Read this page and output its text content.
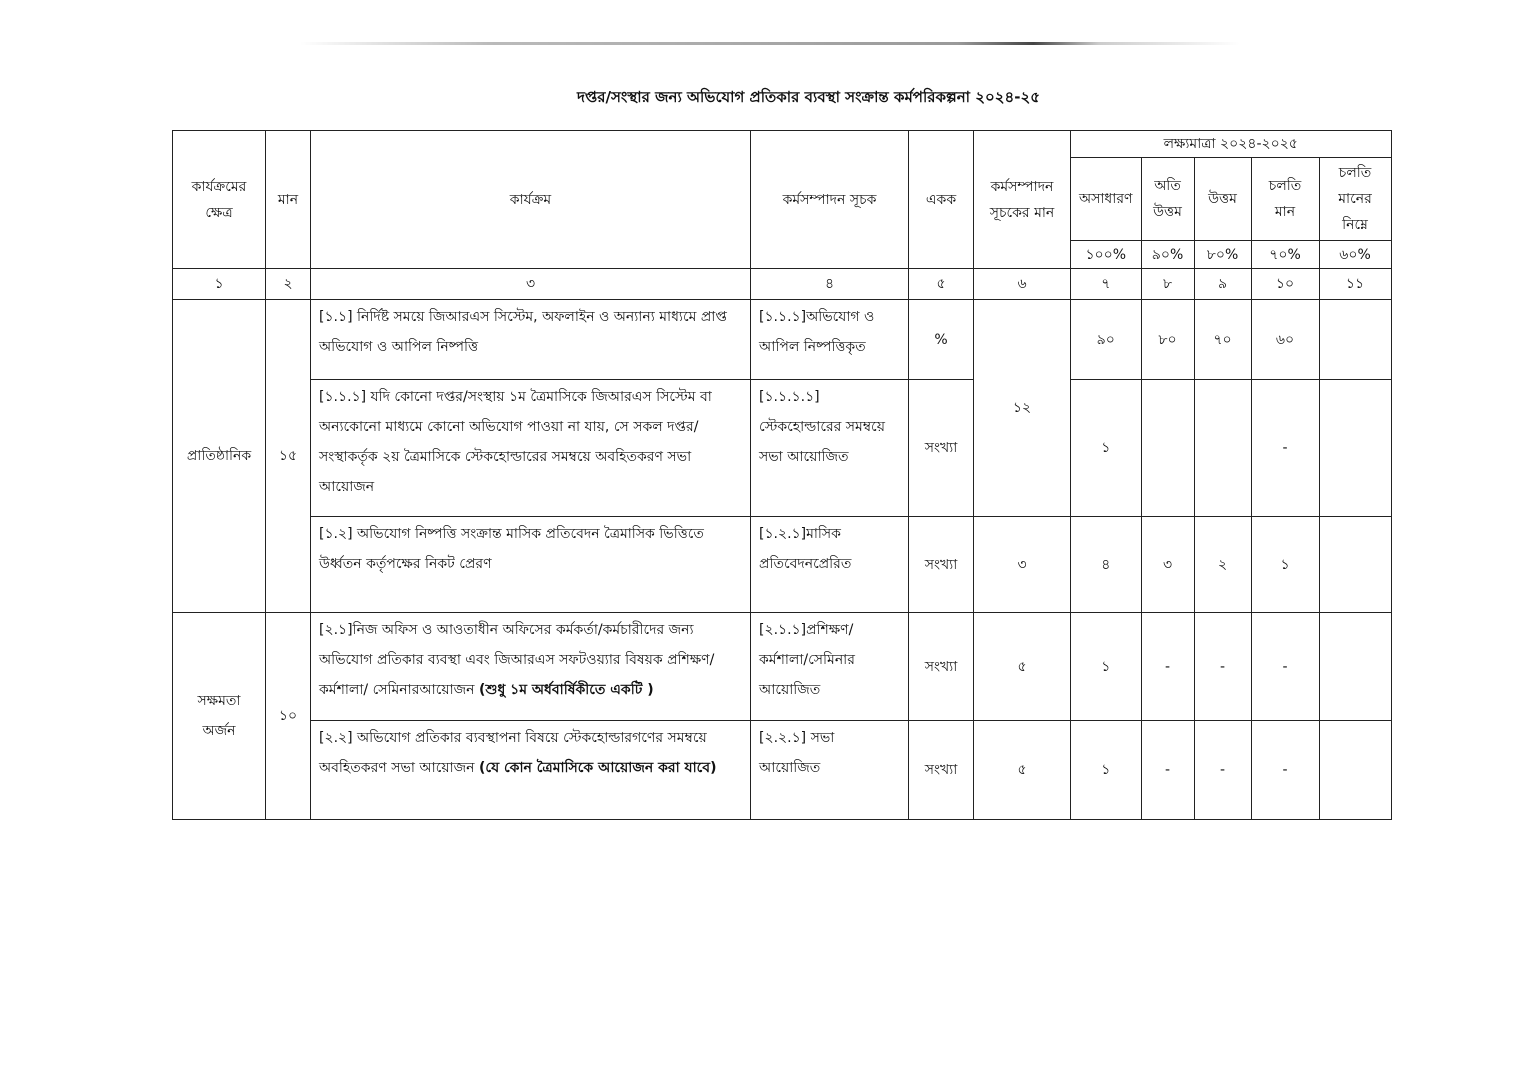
দপ্তর/সংস্থার জন্য অভিযোগ প্রতিকার ব্যবস্থা সংক্রান্ত কর্মপরিকল্পনা ২০২৪-২৫
কার্যক্রমের ক্ষেত্র	মান	কার্যক্রম	কর্মসম্পাদন সূচক	একক	কর্মসম্পাদন সূচকের মান	লক্ষ্যমাত্রা ২০২৪-২০২৫				
						অসাধারণ	অতি উত্তম	উত্তম	চলতি মান	চলতি মানের নিম্নে
						১০০%	৯০%	৮০%	৭০%	৬০%
১	২	৩	৪	৫	৬	৭	৮	৯	১০	১১
প্রাতিষ্ঠানিক	১৫	[১.১] নির্দিষ্ট সময়ে জিআরএস সিস্টেম, অফলাইন ও অন্যান্য মাধ্যমে প্রাপ্ত অভিযোগ ও আপিল নিষ্পত্তি	[১.১.১]অভিযোগ ও আপিল নিষ্পত্তিকৃত	%	১২	৯০	৮০	৭০	৬০	
		[১.১.১] যদি কোনো দপ্তর/সংস্থায় ১ম ত্রৈমাসিকে জিআরএস সিস্টেম বা অন্যকোনো মাধ্যমে কোনো অভিযোগ পাওয়া না যায়, সে সকল দপ্তর/সংস্থাকর্তৃক ২য় ত্রৈমাসিকে স্টেকহোল্ডারের সমম্বয়ে অবহিতকরণ সভা আয়োজন	[১.১.১.১] স্টেকহোল্ডারের সমম্বয়ে সভা আয়োজিত	সংখ্যা		১			-	
		[১.২] অভিযোগ নিষ্পত্তি সংক্রান্ত মাসিক প্রতিবেদন ত্রৈমাসিক ভিত্তিতে উর্ধ্বতন কর্তৃপক্ষের নিকট প্রেরণ	[১.২.১]মাসিক প্রতিবেদনপ্রেরিত	সংখ্যা	৩	৪	৩	২	১	
সক্ষমতা অর্জন	১০	[২.১]নিজ অফিস ও আওতাধীন অফিসের কর্মকর্তা/কর্মচারীদের জন্য অভিযোগ প্রতিকার ব্যবস্থা এবং জিআরএস সফটওয়্যার বিষয়ক প্রশিক্ষণ/কর্মশালা/ সেমিনারআয়োজন (শুধু ১ম অর্ধবার্ষিকীতে একটি )	[২.১.১]প্রশিক্ষণ/ কর্মশালা/সেমিনার আয়োজিত	সংখ্যা	৫	১	-	-	-	
		[২.২] অভিযোগ প্রতিকার ব্যবস্থাপনা বিষয়ে স্টেকহোল্ডারগণের সমম্বয়ে অবহিতকরণ সভা আয়োজন (যে কোন ত্রৈমাসিকে আয়োজন করা যাবে)	[২.২.১] সভা আয়োজিত	সংখ্যা	৫	১	-	-	-	
